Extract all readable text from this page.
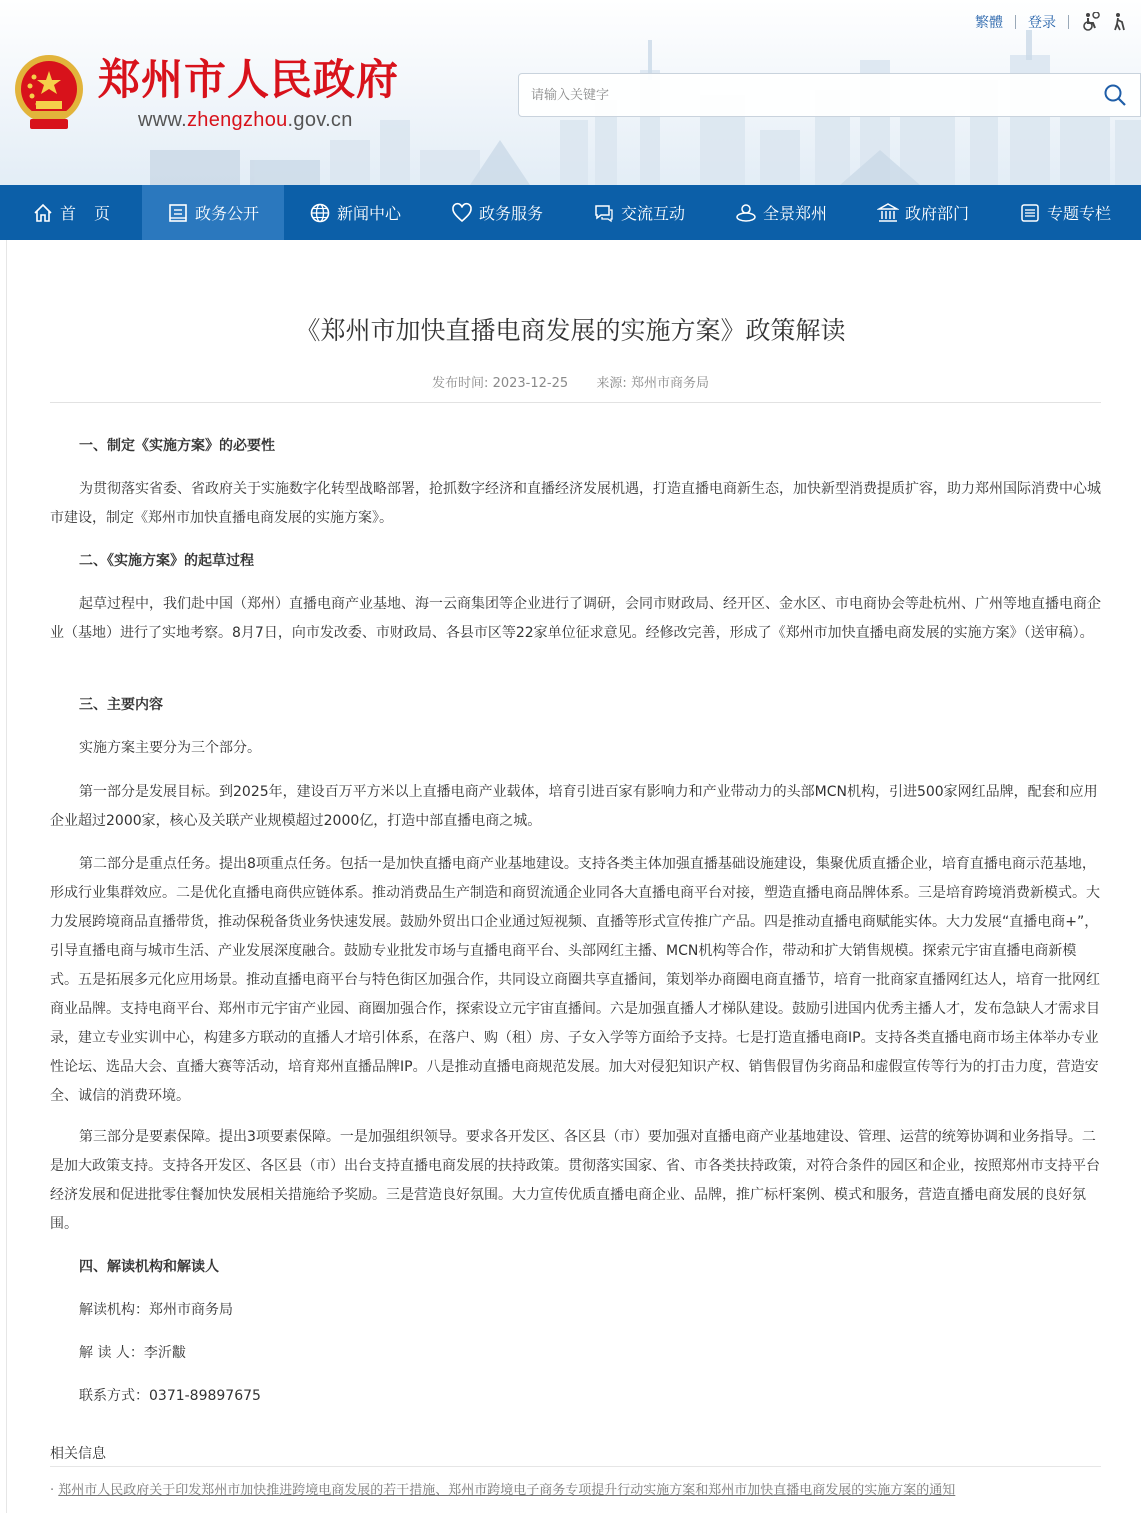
繁體 登录
郑州市人民政府
www.zhengzhou.gov.cn
请输入关键字
首页	政务公开	新闻中心	政务服务	交流互动	全景郑州	政府部门	专题专栏
《郑州市加快直播电商发展的实施方案》政策解读
发布时间: 2023-12-25 来源: 郑州市商务局
一、制定《实施方案》的必要性
为贯彻落实省委、省政府关于实施数字化转型战略部署，抢抓数字经济和直播经济发展机遇，打造直播电商新生态，加快新型消费提质扩容，助力郑州国际消费中心城市建设，制定《郑州市加快直播电商发展的实施方案》。
二、《实施方案》的起草过程
起草过程中，我们赴中国（郑州）直播电商产业基地、海一云商集团等企业进行了调研，会同市财政局、经开区、金水区、市电商协会等赴杭州、广州等地直播电商企业（基地）进行了实地考察。8月7日，向市发改委、市财政局、各县市区等22家单位征求意见。经修改完善，形成了《郑州市加快直播电商发展的实施方案》（送审稿）。
三、主要内容
实施方案主要分为三个部分。
第一部分是发展目标。到2025年，建设百万平方米以上直播电商产业载体，培育引进百家有影响力和产业带动力的头部MCN机构，引进500家网红品牌，配套和应用企业超过2000家，核心及关联产业规模超过2000亿，打造中部直播电商之城。
第二部分是重点任务。提出8项重点任务。包括一是加快直播电商产业基地建设。支持各类主体加强直播基础设施建设，集聚优质直播企业，培育直播电商示范基地，形成行业集群效应。二是优化直播电商供应链体系。推动消费品生产制造和商贸流通企业同各大直播电商平台对接，塑造直播电商品牌体系。三是培育跨境消费新模式。大力发展跨境商品直播带货，推动保税备货业务快速发展。鼓励外贸出口企业通过短视频、直播等形式宣传推广产品。四是推动直播电商赋能实体。大力发展“直播电商+”，引导直播电商与城市生活、产业发展深度融合。鼓励专业批发市场与直播电商平台、头部网红主播、MCN机构等合作，带动和扩大销售规模。探索元宇宙直播电商新模式。五是拓展多元化应用场景。推动直播电商平台与特色街区加强合作，共同设立商圈共享直播间，策划举办商圈电商直播节，培育一批商家直播网红达人，培育一批网红商业品牌。支持电商平台、郑州市元宇宙产业园、商圈加强合作，探索设立元宇宙直播间。六是加强直播人才梯队建设。鼓励引进国内优秀主播人才，发布急缺人才需求目录，建立专业实训中心，构建多方联动的直播人才培引体系，在落户、购（租）房、子女入学等方面给予支持。七是打造直播电商IP。支持各类直播电商市场主体举办专业性论坛、选品大会、直播大赛等活动，培育郑州直播品牌IP。八是推动直播电商规范发展。加大对侵犯知识产权、销售假冒伪劣商品和虚假宣传等行为的打击力度，营造安全、诚信的消费环境。
第三部分是要素保障。提出3项要素保障。一是加强组织领导。要求各开发区、各区县（市）要加强对直播电商产业基地建设、管理、运营的统筹协调和业务指导。二是加大政策支持。支持各开发区、各区县（市）出台支持直播电商发展的扶持政策。贯彻落实国家、省、市各类扶持政策，对符合条件的园区和企业，按照郑州市支持平台经济发展和促进批零住餐加快发展相关措施给予奖励。三是营造良好氛围。大力宣传优质直播电商企业、品牌，推广标杆案例、模式和服务，营造直播电商发展的良好氛围。
四、解读机构和解读人
解读机构：郑州市商务局
解 读 人：李沂黻
联系方式：0371-89897675
相关信息
· 郑州市人民政府关于印发郑州市加快推进跨境电商发展的若干措施、郑州市跨境电子商务专项提升行动实施方案和郑州市加快直播电商发展的实施方案的通知
